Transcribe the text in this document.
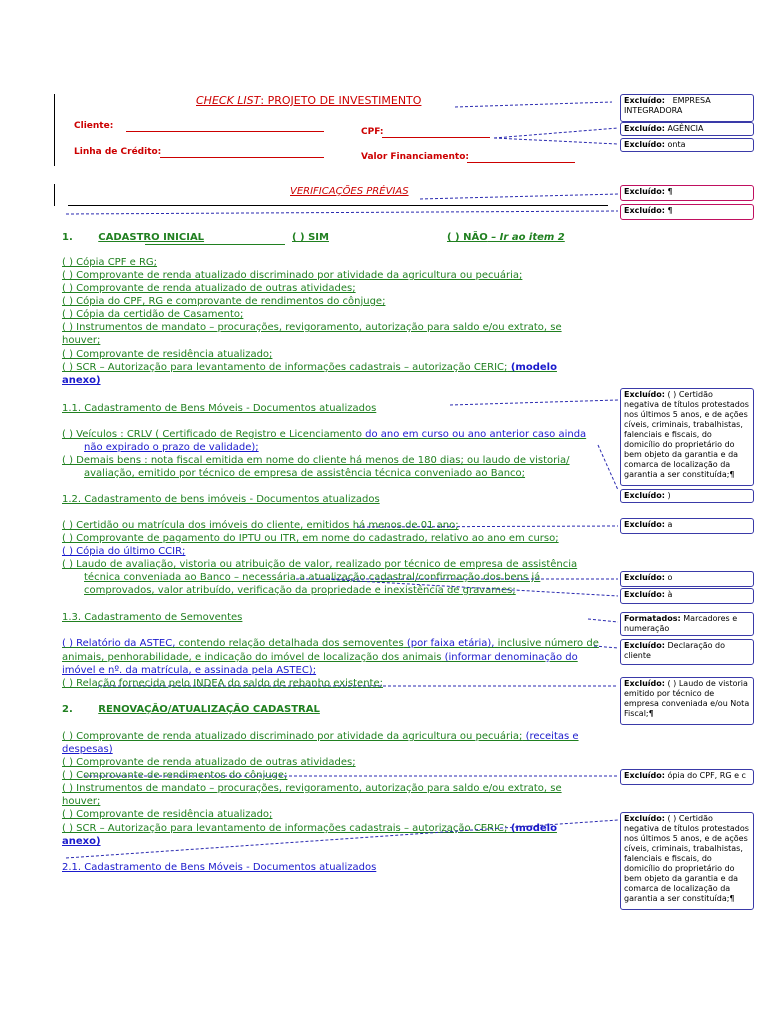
CHECK LIST: PROJETO DE INVESTIMENTO
Cliente:
CPF:
Linha de Crédito:	Valor Financiamento:
VERIFICAÇÕES PRÉVIAS
1.	CADASTRO INICIAL	( ) SIM	( ) NÃO – Ir ao item 2
( ) Cópia CPF e RG;
( ) Comprovante de renda atualizado discriminado por atividade da agricultura ou pecuária;
( ) Comprovante de renda atualizado de outras atividades;
( ) Cópia do CPF, RG e comprovante de rendimentos do cônjuge;
( ) Cópia da certidão de Casamento;
( ) Instrumentos de mandato – procurações, revigoramento, autorização para saldo e/ou extrato, se
houver;
( ) Comprovante de residência atualizado;
( ) SCR – Autorização para levantamento de informações cadastrais – autorização CERIC; (modelo
anexo)
1.1. Cadastramento de Bens Móveis - Documentos atualizados
( ) Veículos : CRLV ( Certificado de Registro e Licenciamento do ano em curso ou ano anterior caso ainda
não expirado o prazo de validade);
( ) Demais bens : nota fiscal emitida em nome do cliente há menos de 180 dias; ou laudo de vistoria/
avaliação, emitido por técnico de empresa de assistência técnica conveniado ao Banco;
1.2. Cadastramento de bens imóveis - Documentos atualizados
( ) Certidão ou matrícula dos imóveis do cliente, emitidos há menos de 01 ano;
( ) Comprovante de pagamento do IPTU ou ITR, em nome do cadastrado, relativo ao ano em curso;
( ) Cópia do último CCIR;
( ) Laudo de avaliação, vistoria ou atribuição de valor, realizado por técnico de empresa de assistência
técnica conveniada ao Banco – necessária a atualização cadastral/confirmação dos bens já
comprovados, valor atribuído, verificação da propriedade e inexistência de gravames;
1.3. Cadastramento de Semoventes
( ) Relatório da ASTEC, contendo relação detalhada dos semoventes (por faixa etária), inclusive número de
animais, penhorabilidade, e indicação do imóvel de localização dos animais (informar denominação do
imóvel e nº. da matrícula, e assinada pela ASTEC);
( ) Relação fornecida pelo INDEA do saldo de rebanho existente;
2.	RENOVAÇÃO/ATUALIZAÇÃO CADASTRAL
( ) Comprovante de renda atualizado discriminado por atividade da agricultura ou pecuária; (receitas e
despesas)
( ) Comprovante de renda atualizado de outras atividades;
( ) Comprovante de rendimentos do cônjuge;
( ) Instrumentos de mandato – procurações, revigoramento, autorização para saldo e/ou extrato, se
houver;
( ) Comprovante de residência atualizado;
( ) SCR – Autorização para levantamento de informações cadastrais – autorização CERIC; (modelo
anexo)
2.1. Cadastramento de Bens Móveis - Documentos atualizados
Excluído: EMPRESA INTEGRADORA
Excluído: AGÊNCIA
Excluído: onta
Excluído: ¶
Excluído: ¶
Excluído: ( ) Certidão negativa de títulos protestados nos últimos 5 anos, e de ações cíveis, criminais, trabalhistas, falenciais e fiscais, do domicílio do proprietário do bem objeto da garantia e da comarca de localização da garantia a ser constituída;¶
Excluído: )
Excluído: a
Excluído: o
Excluído: à
Formatados: Marcadores e numeração
Excluído: Declaração do cliente
Excluído: ( ) Laudo de vistoria emitido por técnico de empresa conveniada e/ou Nota Fiscal;¶
Excluído: ópia do CPF, RG e c
Excluído: ( ) Certidão negativa de títulos protestados nos últimos 5 anos, e de ações cíveis, criminais, trabalhistas, falenciais e fiscais, do domicílio do proprietário do bem objeto da garantia e da comarca de localização da garantia a ser constituída;¶
